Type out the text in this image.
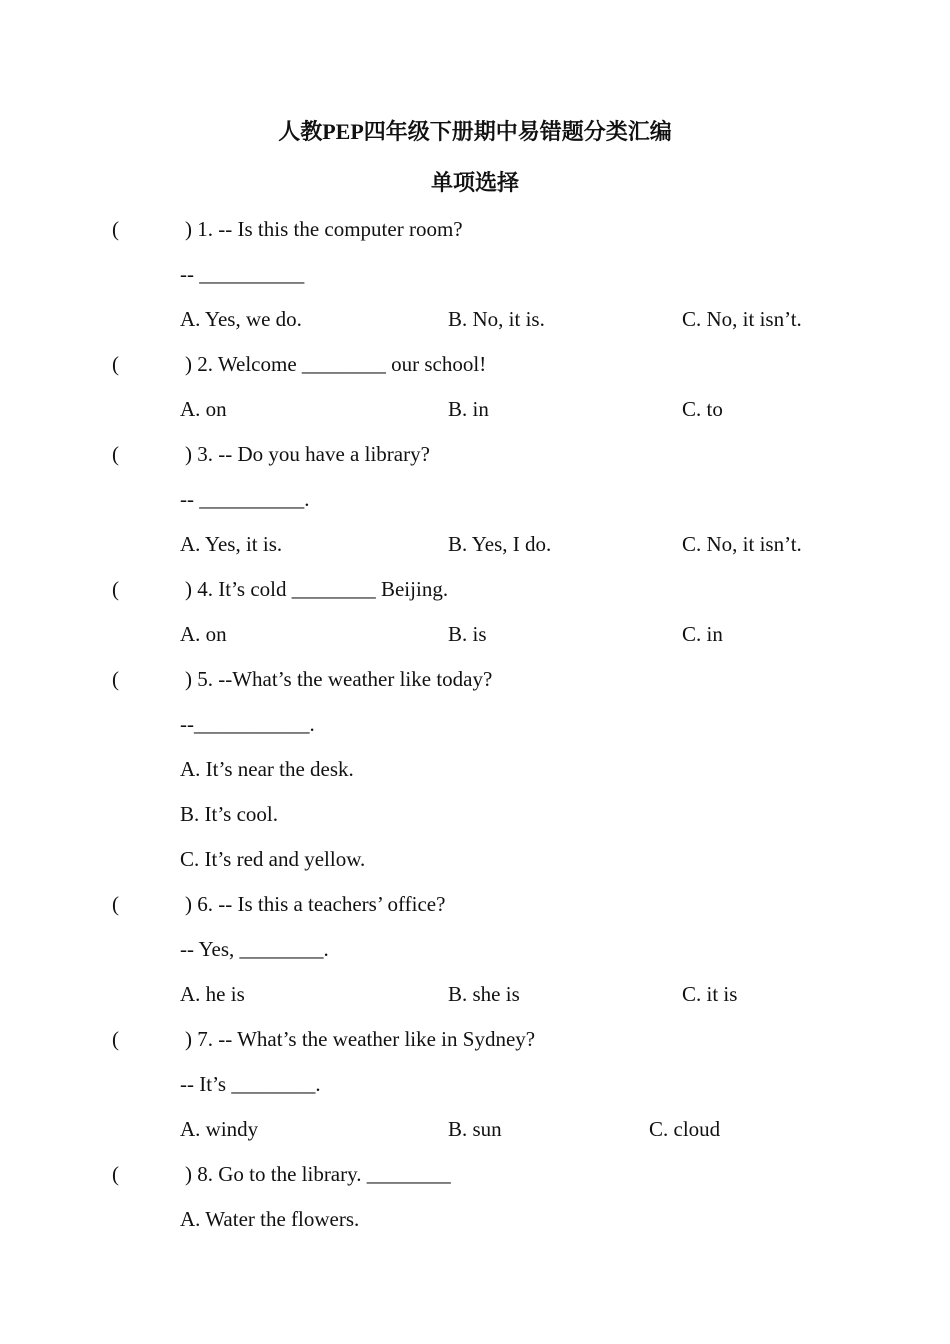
人教PEP四年级下册期中易错题分类汇编
单项选择
(	) 1. -- Is this the computer room?
-- __________
A. Yes, we do.	B. No, it is.	C. No, it isn’t.
(	) 2. Welcome ________ our school!
A. on	B. in	C. to
(	) 3. -- Do you have a library?
-- __________.
A. Yes, it is.	B. Yes, I do.	C. No, it isn’t.
(	) 4. It’s cold ________ Beijing.
A. on	B. is	C. in
(	) 5. --What’s the weather like today?
--___________.
A. It’s near the desk.
B. It’s cool.
C. It’s red and yellow.
(	) 6. -- Is this a teachers’ office?
-- Yes, ________.
A. he is	B. she is	C. it is
(	) 7. -- What’s the weather like in Sydney?
-- It’s ________.
A. windy	B. sun	C. cloud
(	) 8. Go to the library. ________
A. Water the flowers.
